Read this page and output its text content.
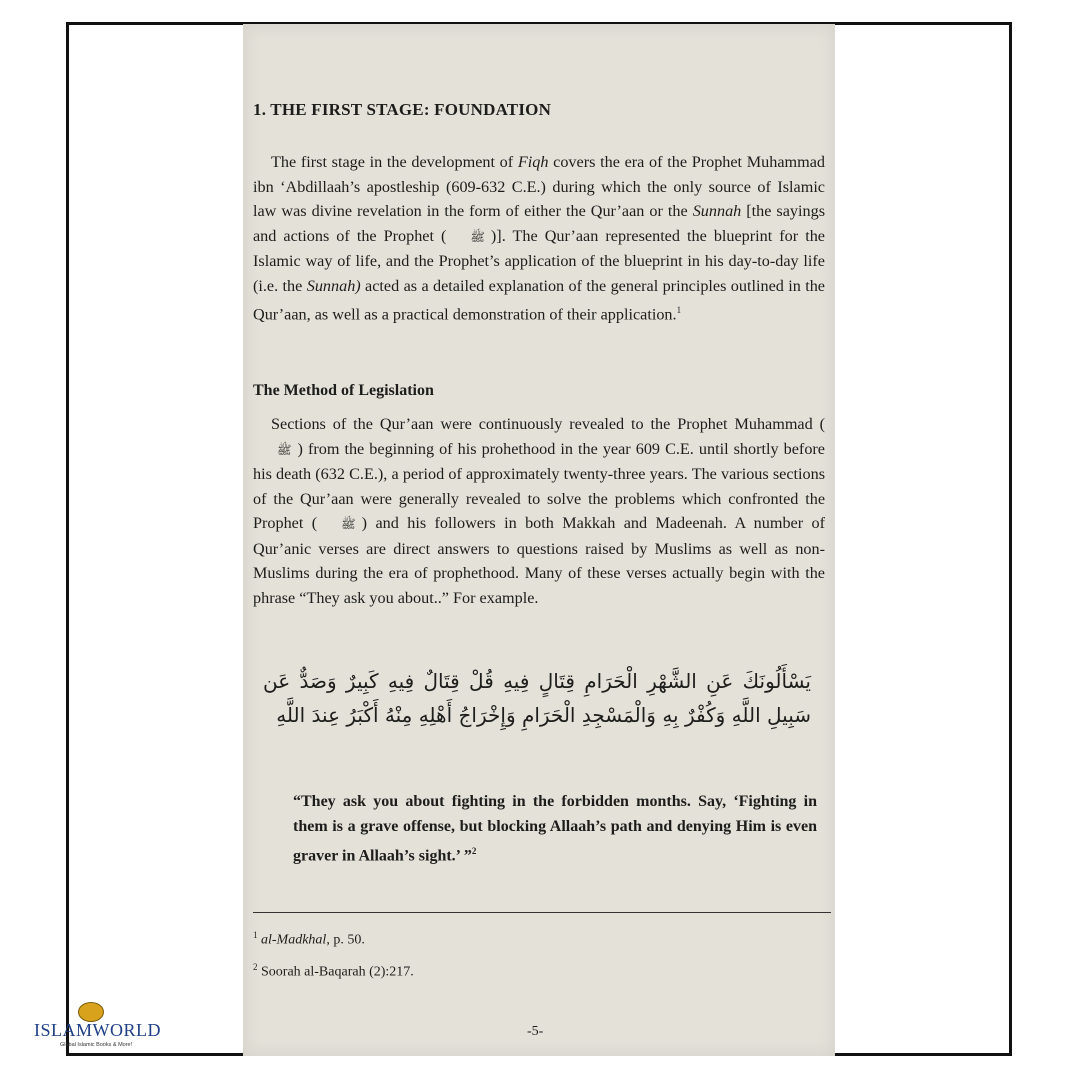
1. THE FIRST STAGE: FOUNDATION

The first stage in the development of Fiqh covers the era of the Prophet Muhammad ibn ‘Abdillaah’s apostleship (609-632 C.E.) during which the only source of Islamic law was divine revelation in the form of either the Qur’aan or the Sunnah [the sayings and actions of the Prophet ( ﷺ )]. The Qur’aan represented the blueprint for the Islamic way of life, and the Prophet’s application of the blueprint in his day-to-day life (i.e. the Sunnah) acted as a detailed explanation of the general principles outlined in the Qur’aan, as well as a practical demonstration of their application.$^1$

The Method of Legislation

Sections of the Qur’aan were continuously revealed to the Prophet Muhammad (ﷺ ) from the beginning of his prohethood in the year 609 C.E. until shortly before his death (632 C.E.), a period of approximately twenty-three years. The various sections of the Qur’aan were generally revealed to solve the problems which confronted the Prophet ( ﷺ ) and his followers in both Makkah and Madeenah. A number of Qur’anic verses are direct answers to questions raised by Muslims as well as non-Muslims during the era of prophethood. Many of these verses actually begin with the phrase “They ask you about..” For example.

يَسْأَلُونَكَ عَنِ الشَّهْرِ الْحَرَامِ قِتَالٍ فِيهِ قُلْ قِتَالٌ فِيهِ كَبِيرٌ وَصَدٌّ عَن سَبِيلِ اللَّهِ وَكُفْرٌ بِهِ وَالْمَسْجِدِ الْحَرَامِ وَإِخْرَاجُ أَهْلِهِ مِنْهُ أَكْبَرُ عِندَ اللَّهِ

“They ask you about fighting in the forbidden months. Say, ‘Fighting in them is a grave offense, but blocking Allaah’s path and denying Him is even graver in Allaah’s sight.’ ”$^2$

$^1$ al-Madkhal, p. 50.
$^2$ Soorah al-Baqarah (2):217.
-5-
ISLAMWORLD
Global Islamic Books & More!
